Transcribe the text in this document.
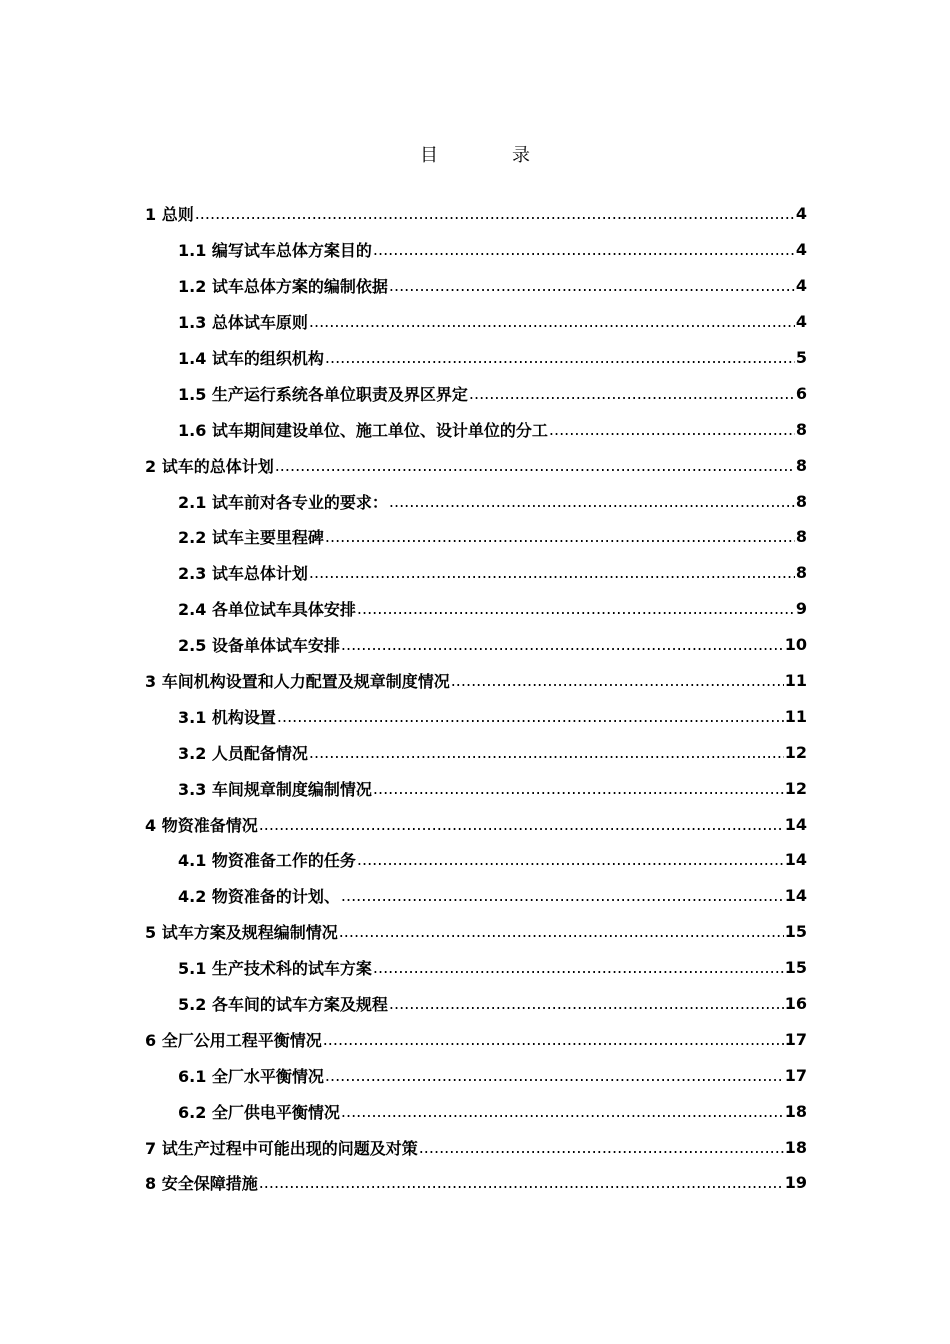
目　录
1 总则 .....	4
1.1 编写试车总体方案目的 .....	4
1.2 试车总体方案的编制依据 .....	4
1.3 总体试车原则 .....	4
1.4 试车的组织机构 .....	5
1.5 生产运行系统各单位职责及界区界定 .....	6
1.6 试车期间建设单位、施工单位、设计单位的分工 .....	8
2 试车的总体计划 .....	8
2.1 试车前对各专业的要求： .....	8
2.2 试车主要里程碑 .....	8
2.3 试车总体计划 .....	8
2.4 各单位试车具体安排 .....	9
2.5 设备单体试车安排 .....	10
3 车间机构设置和人力配置及规章制度情况 .....	11
3.1 机构设置 .....	11
3.2 人员配备情况 .....	12
3.3 车间规章制度编制情况 .....	12
4 物资准备情况 .....	14
4.1 物资准备工作的任务 .....	14
4.2 物资准备的计划、 .....	14
5 试车方案及规程编制情况 .....	15
5.1 生产技术科的试车方案 .....	15
5.2 各车间的试车方案及规程 .....	16
6 全厂公用工程平衡情况 .....	17
6.1 全厂水平衡情况 .....	17
6.2 全厂供电平衡情况 .....	18
7 试生产过程中可能出现的问题及对策 .....	18
8 安全保障措施 .....	19
